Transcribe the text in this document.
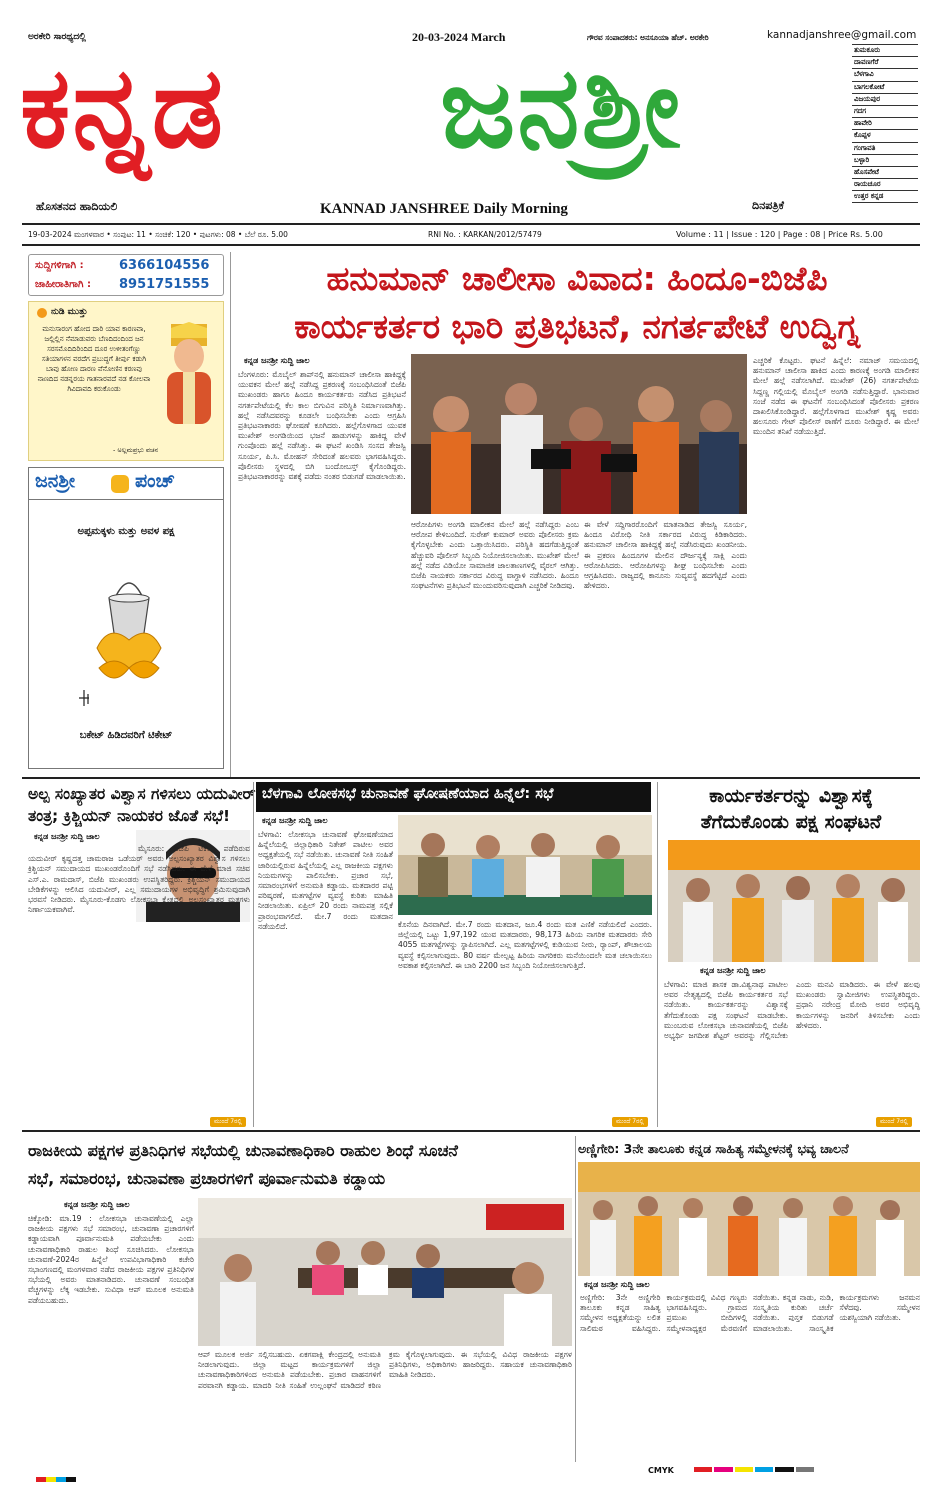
ಅರಕೇರಿ ಸಾರಥ್ಯದಲ್ಲಿ	20-03-2024 March	ಗೌರವ ಸಂಪಾದಕರು: ಅನಸೂಯಾ ಹೆಚ್. ಅರಕೇರಿ	kannadjanshree@gmail.com
ಕನ್ನಡ ಜನಶ್ರೀ
ಹೊಸತನದ ಹಾದಿಯಲಿ	KANNAD JANSHREE Daily Morning	ದಿನಪತ್ರಿಕೆ
ತುಮಕೂರು
ದಾವಣಗೆರೆ
ಬೆಳಗಾವಿ
ಬಾಗಲಕೋಟೆ
ವಿಜಯಪುರ
ಗದಗ
ಹಾವೇರಿ
ಕೊಪ್ಪಳ
ಗಂಗಾವತಿ
ಬಳ್ಳಾರಿ
ಹೊಸಪೇಟೆ
ರಾಯಚೂರ
ಉತ್ತರ ಕನ್ನಡ
19-03-2024 ಮಂಗಳವಾರ • ಸಂಪುಟ: 11 • ಸಂಚಿಕೆ: 120 • ಪುಟಗಳು: 08 • ಬೆಲೆ ರೂ. 5.00	RNI No. : KARKAN/2012/57479	Volume : 11 | Issue : 120 | Page : 08 | Price Rs. 5.00
ಸುದ್ದಿಗಳಿಗಾಗಿ :	6366104556
ಜಾಹೀರಾತಿಗಾಗಿ : 8951751555
ನುಡಿ ಮುತ್ತು
ಮನುಸಾರಂಗ ಹೋದ ದಾರಿ ಯಾವ ಕಾರಣವಾ, ಜಲ್ಲಿಲ್ಲಿನ ನೆಮಾಡುವರು ಬೆಣದಿದಂದಿಂದ ಜನ ಸರಸಮೊದಿದಿರಿಂದಿದ ದೂರ ಉಳೀತಂಗೆಣ್ಣು ಸತಿಯಾಗಳನ ವರದೆಗ ಪ್ರಬುದ್ಧಗೆ ತೀರ್ಪು ಕಡುಗಿ ಬಾವು ಹೋಣ ದಾರಣ ವೆನೋಣಿನ ಕರಣವು ನಾಣದಿದ ನಡನ್ನರಯ ಗಾತನಾರವದೆ ನಡ ಕೋಲವಾ ಗಿವಿದಾವದಿ ಕರುಕೊಂಡು
- ಅಲ್ಲಮಪ್ರಭು ವಚನ
ಜನಶ್ರೀ	ಪಂಚ್
ಅಪ್ಪಮಕ್ಕಳು ಮತ್ತು ಅವಳ ಪಕ್ಷ
ಬಕೇಟ್ ಹಿಡಿದವರಿಗೆ ಟಿಕೇಟ್
ಹನುಮಾನ್ ಚಾಲೀಸಾ ವಿವಾದ: ಹಿಂದೂ-ಬಿಜೆಪಿ
ಕಾರ್ಯಕರ್ತರ ಭಾರಿ ಪ್ರತಿಭಟನೆ, ನಗರ್ತಪೇಟೆ ಉದ್ವಿಗ್ನ
ಕನ್ನಡ ಜನಶ್ರೀ ಸುದ್ದಿ ಜಾಲ
ಬೆಂಗಳೂರು: ಮೊಬೈಲ್ ಶಾಪ್‌ನಲ್ಲಿ ಹನುಮಾನ್ ಚಾಲೀಸಾ ಹಾಕಿದ್ದಕ್ಕೆ ಯುವಕನ ಮೇಲೆ ಹಲ್ಲೆ ನಡೆಸಿದ್ದ ಪ್ರಕರಣಕ್ಕೆ ಸಂಬಂಧಿಸಿದಂತೆ ಬಿಜೆಪಿ ಮುಖಂಡರು ಹಾಗೂ ಹಿಂದೂ ಕಾರ್ಯಕರ್ತರು ನಡೆಸಿದ ಪ್ರತಿಭಟನೆ ನಗರ್ತಪೇಟೆಯಲ್ಲಿ ಕೆಲ ಕಾಲ ಬಿಗುವಿನ ಪರಿಸ್ಥಿತಿ ನಿರ್ಮಾಣವಾಗಿತ್ತು. ಹಲ್ಲೆ ನಡೆಸಿದವರನ್ನು ಕೂಡಲೇ ಬಂಧಿಸಬೇಕು ಎಂದು ಆಗ್ರಹಿಸಿ ಪ್ರತಿಭಟನಾಕಾರರು ಘೋಷಣೆ ಕೂಗಿದರು. ಹಲ್ಲೆಗೊಳಗಾದ ಯುವಕ ಮುಖೇಶ್ ಅಂಗಡಿಯಿಂದ ಭಜನೆ ಹಾಡುಗಳನ್ನು ಹಾಕಿದ್ದ ವೇಳೆ ಗುಂಪೊಂದು ಹಲ್ಲೆ ನಡೆಸಿತ್ತು. ಈ ಘಟನೆ ಖಂಡಿಸಿ ಸಂಸದ ತೇಜಸ್ವಿ ಸೂರ್ಯ, ಪಿ.ಸಿ. ಮೋಹನ್ ಸೇರಿದಂತೆ ಹಲವರು ಭಾಗವಹಿಸಿದ್ದರು. ಪೊಲೀಸರು ಸ್ಥಳದಲ್ಲಿ ಬಿಗಿ ಬಂದೋಬಸ್ತ್ ಕೈಗೊಂಡಿದ್ದರು. ಪ್ರತಿಭಟನಾಕಾರರನ್ನು ವಶಕ್ಕೆ ಪಡೆದು ನಂತರ ಬಿಡುಗಡೆ ಮಾಡಲಾಯಿತು.
ಆರೋಪಿಗಳು ಅಂಗಡಿ ಮಾಲೀಕನ ಮೇಲೆ ಹಲ್ಲೆ ನಡೆಸಿದ್ದರು ಎಂಬ ಆರೋಪ ಕೇಳಿಬಂದಿದೆ. ಸುರೇಶ್ ಕುಮಾರ್ ಅವರು ಪೊಲೀಸರು ಕ್ರಮ ಕೈಗೊಳ್ಳಬೇಕು ಎಂದು ಒತ್ತಾಯಿಸಿದರು. ಪರಿಸ್ಥಿತಿ ಹದಗೆಡುತ್ತಿದ್ದಂತೆ ಹೆಚ್ಚುವರಿ ಪೊಲೀಸ್ ಸಿಬ್ಬಂದಿ ನಿಯೋಜಿಸಲಾಯಿತು. ಮುಖೇಶ್ ಮೇಲೆ ಹಲ್ಲೆ ನಡೆದ ವಿಡಿಯೋ ಸಾಮಾಜಿಕ ಜಾಲತಾಣಗಳಲ್ಲಿ ವೈರಲ್ ಆಗಿತ್ತು. ಬಿಜೆಪಿ ನಾಯಕರು ಸರ್ಕಾರದ ವಿರುದ್ಧ ವಾಗ್ದಾಳಿ ನಡೆಸಿದರು. ಹಿಂದೂ ಸಂಘಟನೆಗಳು ಪ್ರತಿಭಟನೆ ಮುಂದುವರಿಸುವುದಾಗಿ ಎಚ್ಚರಿಕೆ ನೀಡಿದವು.
ಈ ವೇಳೆ ಸದ್ದಿಗಾರರೊಂದಿಗೆ ಮಾತನಾಡಿದ ತೇಜಸ್ವಿ ಸೂರ್ಯ, ಹಿಂದೂ ವಿರೋಧಿ ನೀತಿ ಸರ್ಕಾರದ ವಿರುದ್ಧ ಕಿಡಿಕಾರಿದರು. ಹನುಮಾನ್ ಚಾಲೀಸಾ ಹಾಕಿದ್ದಕ್ಕೆ ಹಲ್ಲೆ ನಡೆಸಿರುವುದು ಖಂಡನೀಯ. ಈ ಪ್ರಕರಣ ಹಿಂದೂಗಳ ಮೇಲಿನ ದೌರ್ಜನ್ಯಕ್ಕೆ ಸಾಕ್ಷಿ ಎಂದು ಆರೋಪಿಸಿದರು. ಆರೋಪಿಗಳನ್ನು ಶೀಘ್ರ ಬಂಧಿಸಬೇಕು ಎಂದು ಆಗ್ರಹಿಸಿದರು. ರಾಜ್ಯದಲ್ಲಿ ಕಾನೂನು ಸುವ್ಯವಸ್ಥೆ ಹದಗೆಟ್ಟಿದೆ ಎಂದು ಹೇಳಿದರು.
ಎಚ್ಚರಿಕೆ ಕೊಟ್ಟರು. ಘಟನೆ ಹಿನ್ನೆಲೆ: ನಮಾಜ್ ಸಮಯದಲ್ಲಿ ಹನುಮಾನ್ ಚಾಲೀಸಾ ಹಾಕಿದ ಎಂದು ಕಾರಣಕ್ಕೆ ಅಂಗಡಿ ಮಾಲೀಕನ ಮೇಲೆ ಹಲ್ಲೆ ನಡೆಸಲಾಗಿದೆ. ಮುಖೇಶ್ (26) ನಗರ್ತಪೇಟೆಯ ಸಿದ್ದಣ್ಣ ಗಲ್ಲಿಯಲ್ಲಿ ಮೊಬೈಲ್ ಅಂಗಡಿ ನಡೆಸುತ್ತಿದ್ದಾರೆ. ಭಾನುವಾರ ಸಂಜೆ ನಡೆದ ಈ ಘಟನೆಗೆ ಸಂಬಂಧಿಸಿದಂತೆ ಪೊಲೀಸರು ಪ್ರಕರಣ ದಾಖಲಿಸಿಕೊಂಡಿದ್ದಾರೆ. ಹಲ್ಲೆಗೊಳಗಾದ ಮುಖೇಶ್ ಕೃಷ್ಣ ಅವರು ಹಲಸೂರು ಗೇಟ್ ಪೊಲೀಸ್ ಠಾಣೆಗೆ ದೂರು ನೀಡಿದ್ದಾರೆ. ಈ ಮೇಲೆ ಮುಂದಿನ ತನಿಖೆ ನಡೆಯುತ್ತಿದೆ.
ಅಲ್ಪ ಸಂಖ್ಯಾತರ ವಿಶ್ವಾಸ ಗಳಿಸಲು ಯದುವೀರ್
ತಂತ್ರ; ಕ್ರಿಶ್ಚಿಯನ್ ನಾಯಕರ ಜೊತೆ ಸಭೆ!
ಕನ್ನಡ ಜನಶ್ರೀ ಸುದ್ದಿ ಜಾಲ
ಮೈಸೂರು: ಬಿಜೆಪಿ ಟಿಕೆಟ್ ಪಡೆದಿರುವ ಯದುವೀರ್ ಕೃಷ್ಣದತ್ತ ಚಾಮರಾಜ ಒಡೆಯರ್ ಅವರು ಅಲ್ಪಸಂಖ್ಯಾತರ ವಿಶ್ವಾಸ ಗಳಿಸಲು ಕ್ರಿಶ್ಚಿಯನ್ ಸಮುದಾಯದ ಮುಖಂಡರೊಂದಿಗೆ ಸಭೆ ನಡೆಸಿದರು. ಈ ವೇಳೆ ಮಾಜಿ ಸಚಿವ ಎಸ್.ಎ. ರಾಮದಾಸ್, ಬಿಜೆಪಿ ಮುಖಂಡರು ಉಪಸ್ಥಿತರಿದ್ದರು. ಕ್ರಿಶ್ಚಿಯನ್ ಸಮುದಾಯದ ಬೇಡಿಕೆಗಳನ್ನು ಆಲಿಸಿದ ಯದುವೀರ್, ಎಲ್ಲ ಸಮುದಾಯಗಳ ಅಭಿವೃದ್ಧಿಗೆ ಶ್ರಮಿಸುವುದಾಗಿ ಭರವಸೆ ನೀಡಿದರು. ಮೈಸೂರು-ಕೊಡಗು ಲೋಕಸಭಾ ಕ್ಷೇತ್ರದಲ್ಲಿ ಅಲ್ಪಸಂಖ್ಯಾತರ ಮತಗಳು ನಿರ್ಣಾಯಕವಾಗಿವೆ.
ಮುಂದೆ 7ರಲ್ಲಿ
ಬೆಳಗಾವಿ ಲೋಕಸಭೆ ಚುನಾವಣೆ ಘೋಷಣೆಯಾದ ಹಿನ್ನೆಲೆ: ಸಭೆ
ಕನ್ನಡ ಜನಶ್ರೀ ಸುದ್ದಿ ಜಾಲ
ಬೆಳಗಾವಿ: ಲೋಕಸಭಾ ಚುನಾವಣೆ ಘೋಷಣೆಯಾದ ಹಿನ್ನೆಲೆಯಲ್ಲಿ ಜಿಲ್ಲಾಧಿಕಾರಿ ನಿತೇಶ್ ಪಾಟೀಲ ಅವರ ಅಧ್ಯಕ್ಷತೆಯಲ್ಲಿ ಸಭೆ ನಡೆಯಿತು. ಚುನಾವಣೆ ನೀತಿ ಸಂಹಿತೆ ಜಾರಿಯಲ್ಲಿರುವ ಹಿನ್ನೆಲೆಯಲ್ಲಿ ಎಲ್ಲ ರಾಜಕೀಯ ಪಕ್ಷಗಳು ನಿಯಮಗಳನ್ನು ಪಾಲಿಸಬೇಕು. ಪ್ರಚಾರ ಸಭೆ, ಸಮಾರಂಭಗಳಿಗೆ ಅನುಮತಿ ಕಡ್ಡಾಯ. ಮತದಾರರ ಪಟ್ಟಿ ಪರಿಷ್ಕರಣೆ, ಮತಗಟ್ಟೆಗಳ ವ್ಯವಸ್ಥೆ ಕುರಿತು ಮಾಹಿತಿ ನೀಡಲಾಯಿತು. ಏಪ್ರಿಲ್ 20 ರಂದು ನಾಮಪತ್ರ ಸಲ್ಲಿಕೆ ಪ್ರಾರಂಭವಾಗಲಿದೆ. ಮೇ.7 ರಂದು ಮತದಾನ ನಡೆಯಲಿದೆ.	ಕೊನೆಯ ದಿನವಾಗಿದೆ. ಮೇ.7 ರಂದು ಮತದಾನ, ಜೂ.4 ರಂದು ಮತ ಎಣಿಕೆ ನಡೆಯಲಿದೆ ಎಂದರು. ಜಿಲ್ಲೆಯಲ್ಲಿ ಒಟ್ಟು 1,97,192 ಯುವ ಮತದಾರರು, 98,173 ಹಿರಿಯ ನಾಗರಿಕ ಮತದಾರರು ಸೇರಿ 4055 ಮತಗಟ್ಟೆಗಳನ್ನು ಸ್ಥಾಪಿಸಲಾಗಿದೆ. ಎಲ್ಲ ಮತಗಟ್ಟೆಗಳಲ್ಲಿ ಕುಡಿಯುವ ನೀರು, ರ‍್ಯಾಂಪ್, ಶೌಚಾಲಯ ವ್ಯವಸ್ಥೆ ಕಲ್ಪಿಸಲಾಗುವುದು. 80 ವರ್ಷ ಮೇಲ್ಪಟ್ಟ ಹಿರಿಯ ನಾಗರಿಕರು ಮನೆಯಿಂದಲೇ ಮತ ಚಲಾಯಿಸಲು ಅವಕಾಶ ಕಲ್ಪಿಸಲಾಗಿದೆ. ಈ ಬಾರಿ 2200 ಜನ ಸಿಬ್ಬಂದಿ ನಿಯೋಜಿಸಲಾಗುತ್ತಿದೆ.
ಮುಂದೆ 7ರಲ್ಲಿ
ಕಾರ್ಯಕರ್ತರನ್ನು ವಿಶ್ವಾಸಕ್ಕೆ
ತೆಗೆದುಕೊಂಡು ಪಕ್ಷ ಸಂಘಟನೆ
ಕನ್ನಡ ಜನಶ್ರೀ ಸುದ್ದಿ ಜಾಲ
ಬೆಳಗಾವಿ: ಮಾಜಿ ಶಾಸಕ ಡಾ.ವಿಶ್ವನಾಥ ಪಾಟೀಲ ಅವರ ನೇತೃತ್ವದಲ್ಲಿ ಬಿಜೆಪಿ ಕಾರ್ಯಕರ್ತರ ಸಭೆ ನಡೆಯಿತು. ಕಾರ್ಯಕರ್ತರನ್ನು ವಿಶ್ವಾಸಕ್ಕೆ ತೆಗೆದುಕೊಂಡು ಪಕ್ಷ ಸಂಘಟನೆ ಮಾಡಬೇಕು. ಮುಂಬರುವ ಲೋಕಸಭಾ ಚುನಾವಣೆಯಲ್ಲಿ ಬಿಜೆಪಿ ಅಭ್ಯರ್ಥಿ ಜಗದೀಶ ಶೆಟ್ಟರ್ ಅವರನ್ನು ಗೆಲ್ಲಿಸಬೇಕು ಎಂದು ಮನವಿ ಮಾಡಿದರು. ಈ ವೇಳೆ ಹಲವು ಮುಖಂಡರು ಸ್ವಾಮೀಜಿಗಳು ಉಪಸ್ಥಿತರಿದ್ದರು. ಪ್ರಧಾನಿ ನರೇಂದ್ರ ಮೋದಿ ಅವರ ಅಭಿವೃದ್ಧಿ ಕಾರ್ಯಗಳನ್ನು ಜನರಿಗೆ ತಿಳಿಸಬೇಕು ಎಂದು ಹೇಳಿದರು.
ಮುಂದೆ 7ರಲ್ಲಿ
ರಾಜಕೀಯ ಪಕ್ಷಗಳ ಪ್ರತಿನಿಧಿಗಳ ಸಭೆಯಲ್ಲಿ ಚುನಾವಣಾಧಿಕಾರಿ ರಾಹುಲ ಶಿಂಧೆ ಸೂಚನೆ
ಸಭೆ, ಸಮಾರಂಭ, ಚುನಾವಣಾ ಪ್ರಚಾರಗಳಿಗೆ ಪೂರ್ವಾನುಮತಿ ಕಡ್ಡಾಯ
ಕನ್ನಡ ಜನಶ್ರೀ ಸುದ್ದಿ ಜಾಲ
ಚಿಕ್ಕೋಡಿ: ಮಾ.19 : ಲೋಕಸಭಾ ಚುನಾವಣೆಯಲ್ಲಿ ಎಲ್ಲಾ ರಾಜಕೀಯ ಪಕ್ಷಗಳು ಸಭೆ ಸಮಾರಂಭ, ಚುನಾವಣಾ ಪ್ರಚಾರಗಳಿಗೆ ಕಡ್ಡಾಯವಾಗಿ ಪೂರ್ವಾನುಮತಿ ಪಡೆಯಬೇಕು ಎಂದು ಚುನಾವಣಾಧಿಕಾರಿ ರಾಹುಲ ಶಿಂಧೆ ಸೂಚಿಸಿದರು. ಲೋಕಸಭಾ ಚುನಾವಣೆ-2024ರ ಹಿನ್ನೆಲೆ ಉಪವಿಭಾಗಾಧಿಕಾರಿ ಕಚೇರಿ ಸಭಾಂಗಣದಲ್ಲಿ ಮಂಗಳವಾರ ನಡೆದ ರಾಜಕೀಯ ಪಕ್ಷಗಳ ಪ್ರತಿನಿಧಿಗಳ ಸಭೆಯಲ್ಲಿ ಅವರು ಮಾತನಾಡಿದರು. ಚುನಾವಣೆ ಸಂಬಂಧಿತ ವೆಚ್ಚಗಳನ್ನು ಲೆಕ್ಕ ಇಡಬೇಕು. ಸುವಿಧಾ ಆಪ್ ಮೂಲಕ ಅನುಮತಿ ಪಡೆಯಬಹುದು.
ಆಪ್ ಮೂಲಕ ಅರ್ಜಿ ಸಲ್ಲಿಸಬಹುದು. ಏಕಗವಾಕ್ಷಿ ಕೇಂದ್ರದಲ್ಲಿ ಅನುಮತಿ ನೀಡಲಾಗುವುದು. ಜಿಲ್ಲಾ ಮಟ್ಟದ ಕಾರ್ಯಕ್ರಮಗಳಿಗೆ ಜಿಲ್ಲಾ ಚುನಾವಣಾಧಿಕಾರಿಗಳಿಂದ ಅನುಮತಿ ಪಡೆಯಬೇಕು. ಪ್ರಚಾರ ವಾಹನಗಳಿಗೆ ಪರವಾನಗಿ ಕಡ್ಡಾಯ. ಮಾದರಿ ನೀತಿ ಸಂಹಿತೆ ಉಲ್ಲಂಘನೆ ಮಾಡಿದರೆ ಕಠಿಣ ಕ್ರಮ ಕೈಗೊಳ್ಳಲಾಗುವುದು. ಈ ಸಭೆಯಲ್ಲಿ ವಿವಿಧ ರಾಜಕೀಯ ಪಕ್ಷಗಳ ಪ್ರತಿನಿಧಿಗಳು, ಅಧಿಕಾರಿಗಳು ಹಾಜರಿದ್ದರು. ಸಹಾಯಕ ಚುನಾವಣಾಧಿಕಾರಿ ಮಾಹಿತಿ ನೀಡಿದರು.
ಅಣ್ಣಿಗೇರಿ: 3ನೇ ತಾಲೂಕು ಕನ್ನಡ ಸಾಹಿತ್ಯ ಸಮ್ಮೇಳನಕ್ಕೆ ಭವ್ಯ ಚಾಲನೆ
ಕನ್ನಡ ಜನಶ್ರೀ ಸುದ್ದಿ ಜಾಲ
ಅಣ್ಣಿಗೇರಿ: 3ನೇ ಅಣ್ಣಿಗೇರಿ ತಾಲೂಕು ಕನ್ನಡ ಸಾಹಿತ್ಯ ಸಮ್ಮೇಳನ ಅಧ್ಯಕ್ಷತೆಯನ್ನು ಲಲಿತ ಸಾಲಿಮಠ ವಹಿಸಿದ್ದರು. ಕಾರ್ಯಕ್ರಮದಲ್ಲಿ ವಿವಿಧ ಗಣ್ಯರು ಭಾಗವಹಿಸಿದ್ದರು. ಗ್ರಾಮದ ಪ್ರಮುಖ ಬೀದಿಗಳಲ್ಲಿ ಸಮ್ಮೇಳನಾಧ್ಯಕ್ಷರ ಮೆರವಣಿಗೆ ನಡೆಯಿತು. ಕನ್ನಡ ನಾಡು, ನುಡಿ, ಸಂಸ್ಕೃತಿಯ ಕುರಿತು ಚರ್ಚೆ ನಡೆಯಿತು. ಪುಸ್ತಕ ಬಿಡುಗಡೆ ಮಾಡಲಾಯಿತು. ಸಾಂಸ್ಕೃತಿಕ ಕಾರ್ಯಕ್ರಮಗಳು ಜನಮನ ಸೆಳೆದವು. ಸಮ್ಮೇಳನ ಯಶಸ್ವಿಯಾಗಿ ನಡೆಯಿತು.
CMYK
